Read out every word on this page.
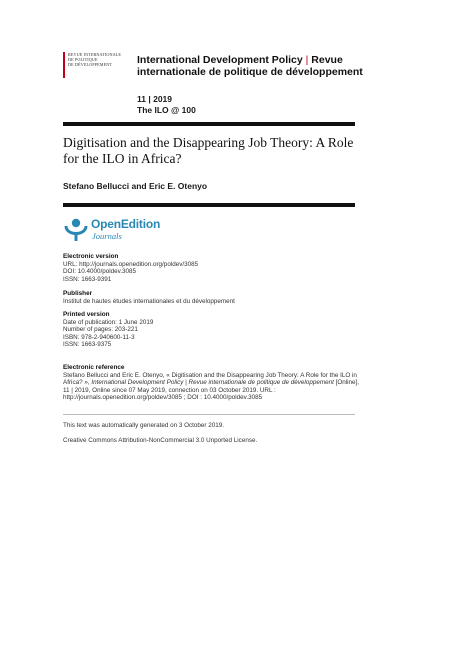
REVUE INTERNATIONALE
DE POLITIQUE
DE DÉVELOPPEMENT	International Development Policy | Revue internationale de politique de développement
11 | 2019
The ILO @ 100
Digitisation and the Disappearing Job Theory: A Role for the ILO in Africa?
Stefano Bellucci and Eric E. Otenyo
OpenEdition
Journals
Electronic version
URL: http://journals.openedition.org/poldev/3085
DOI: 10.4000/poldev.3085
ISSN: 1663-9391
Publisher
Institut de hautes études internationales et du développement
Printed version
Date of publication: 1 June 2019
Number of pages: 203-221
ISBN: 978-2-940600-11-3
ISSN: 1663-9375
Electronic reference
Stefano Bellucci and Eric E. Otenyo, « Digitisation and the Disappearing Job Theory: A Role for the ILO in Africa? », International Development Policy | Revue internationale de politique de développement [Online], 11 | 2019, Online since 07 May 2019, connection on 03 October 2019. URL : http://journals.openedition.org/poldev/3085 ; DOI : 10.4000/poldev.3085
This text was automatically generated on 3 October 2019.
Creative Commons Attribution-NonCommercial 3.0 Unported License.
